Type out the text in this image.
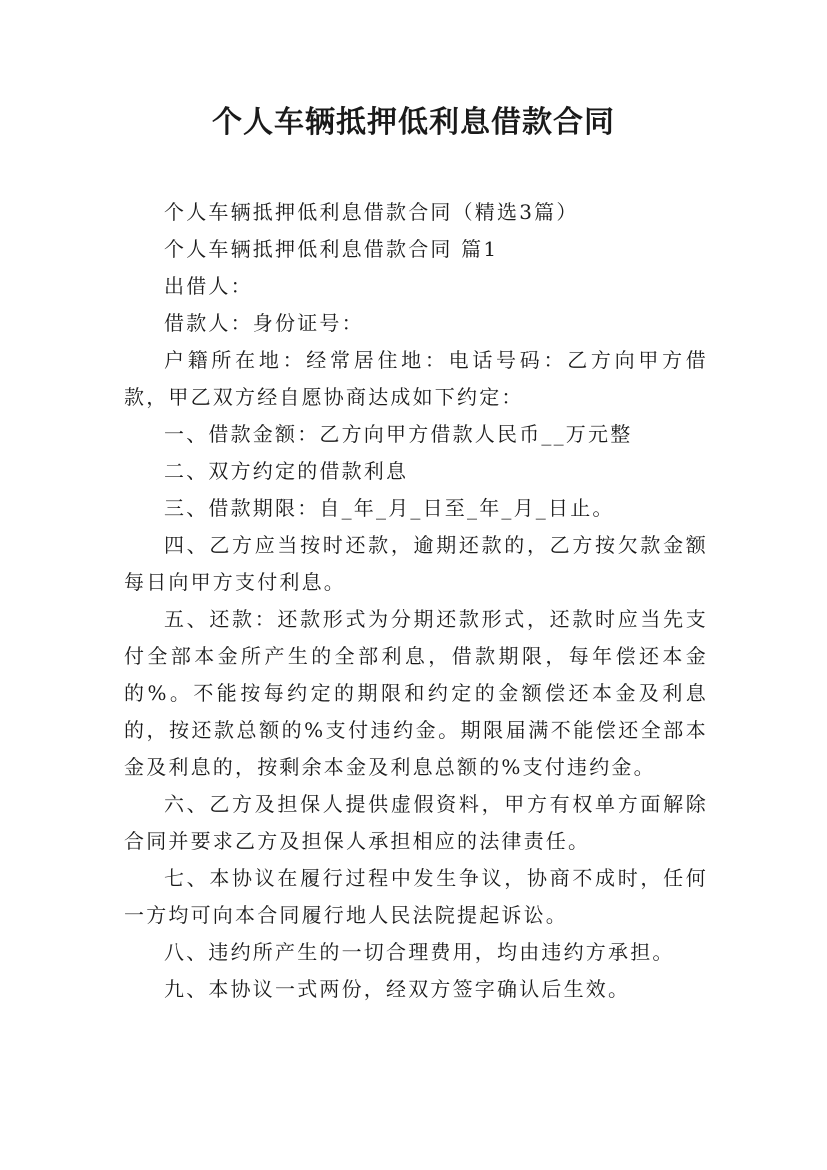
个人车辆抵押低利息借款合同

个人车辆抵押低利息借款合同（精选3篇）

个人车辆抵押低利息借款合同 篇1

出借人：

借款人：身份证号：

户籍所在地：经常居住地：电话号码：乙方向甲方借款，甲乙双方经自愿协商达成如下约定：

一、借款金额：乙方向甲方借款人民币__万元整

二、双方约定的借款利息

三、借款期限：自_年_月_日至_年_月_日止。

四、乙方应当按时还款，逾期还款的，乙方按欠款金额每日向甲方支付利息。

五、还款：还款形式为分期还款形式，还款时应当先支付全部本金所产生的全部利息，借款期限，每年偿还本金的%。不能按每约定的期限和约定的金额偿还本金及利息的，按还款总额的%支付违约金。期限届满不能偿还全部本金及利息的，按剩余本金及利息总额的%支付违约金。

六、乙方及担保人提供虚假资料，甲方有权单方面解除合同并要求乙方及担保人承担相应的法律责任。

七、本协议在履行过程中发生争议，协商不成时，任何一方均可向本合同履行地人民法院提起诉讼。

八、违约所产生的一切合理费用，均由违约方承担。

九、本协议一式两份，经双方签字确认后生效。
